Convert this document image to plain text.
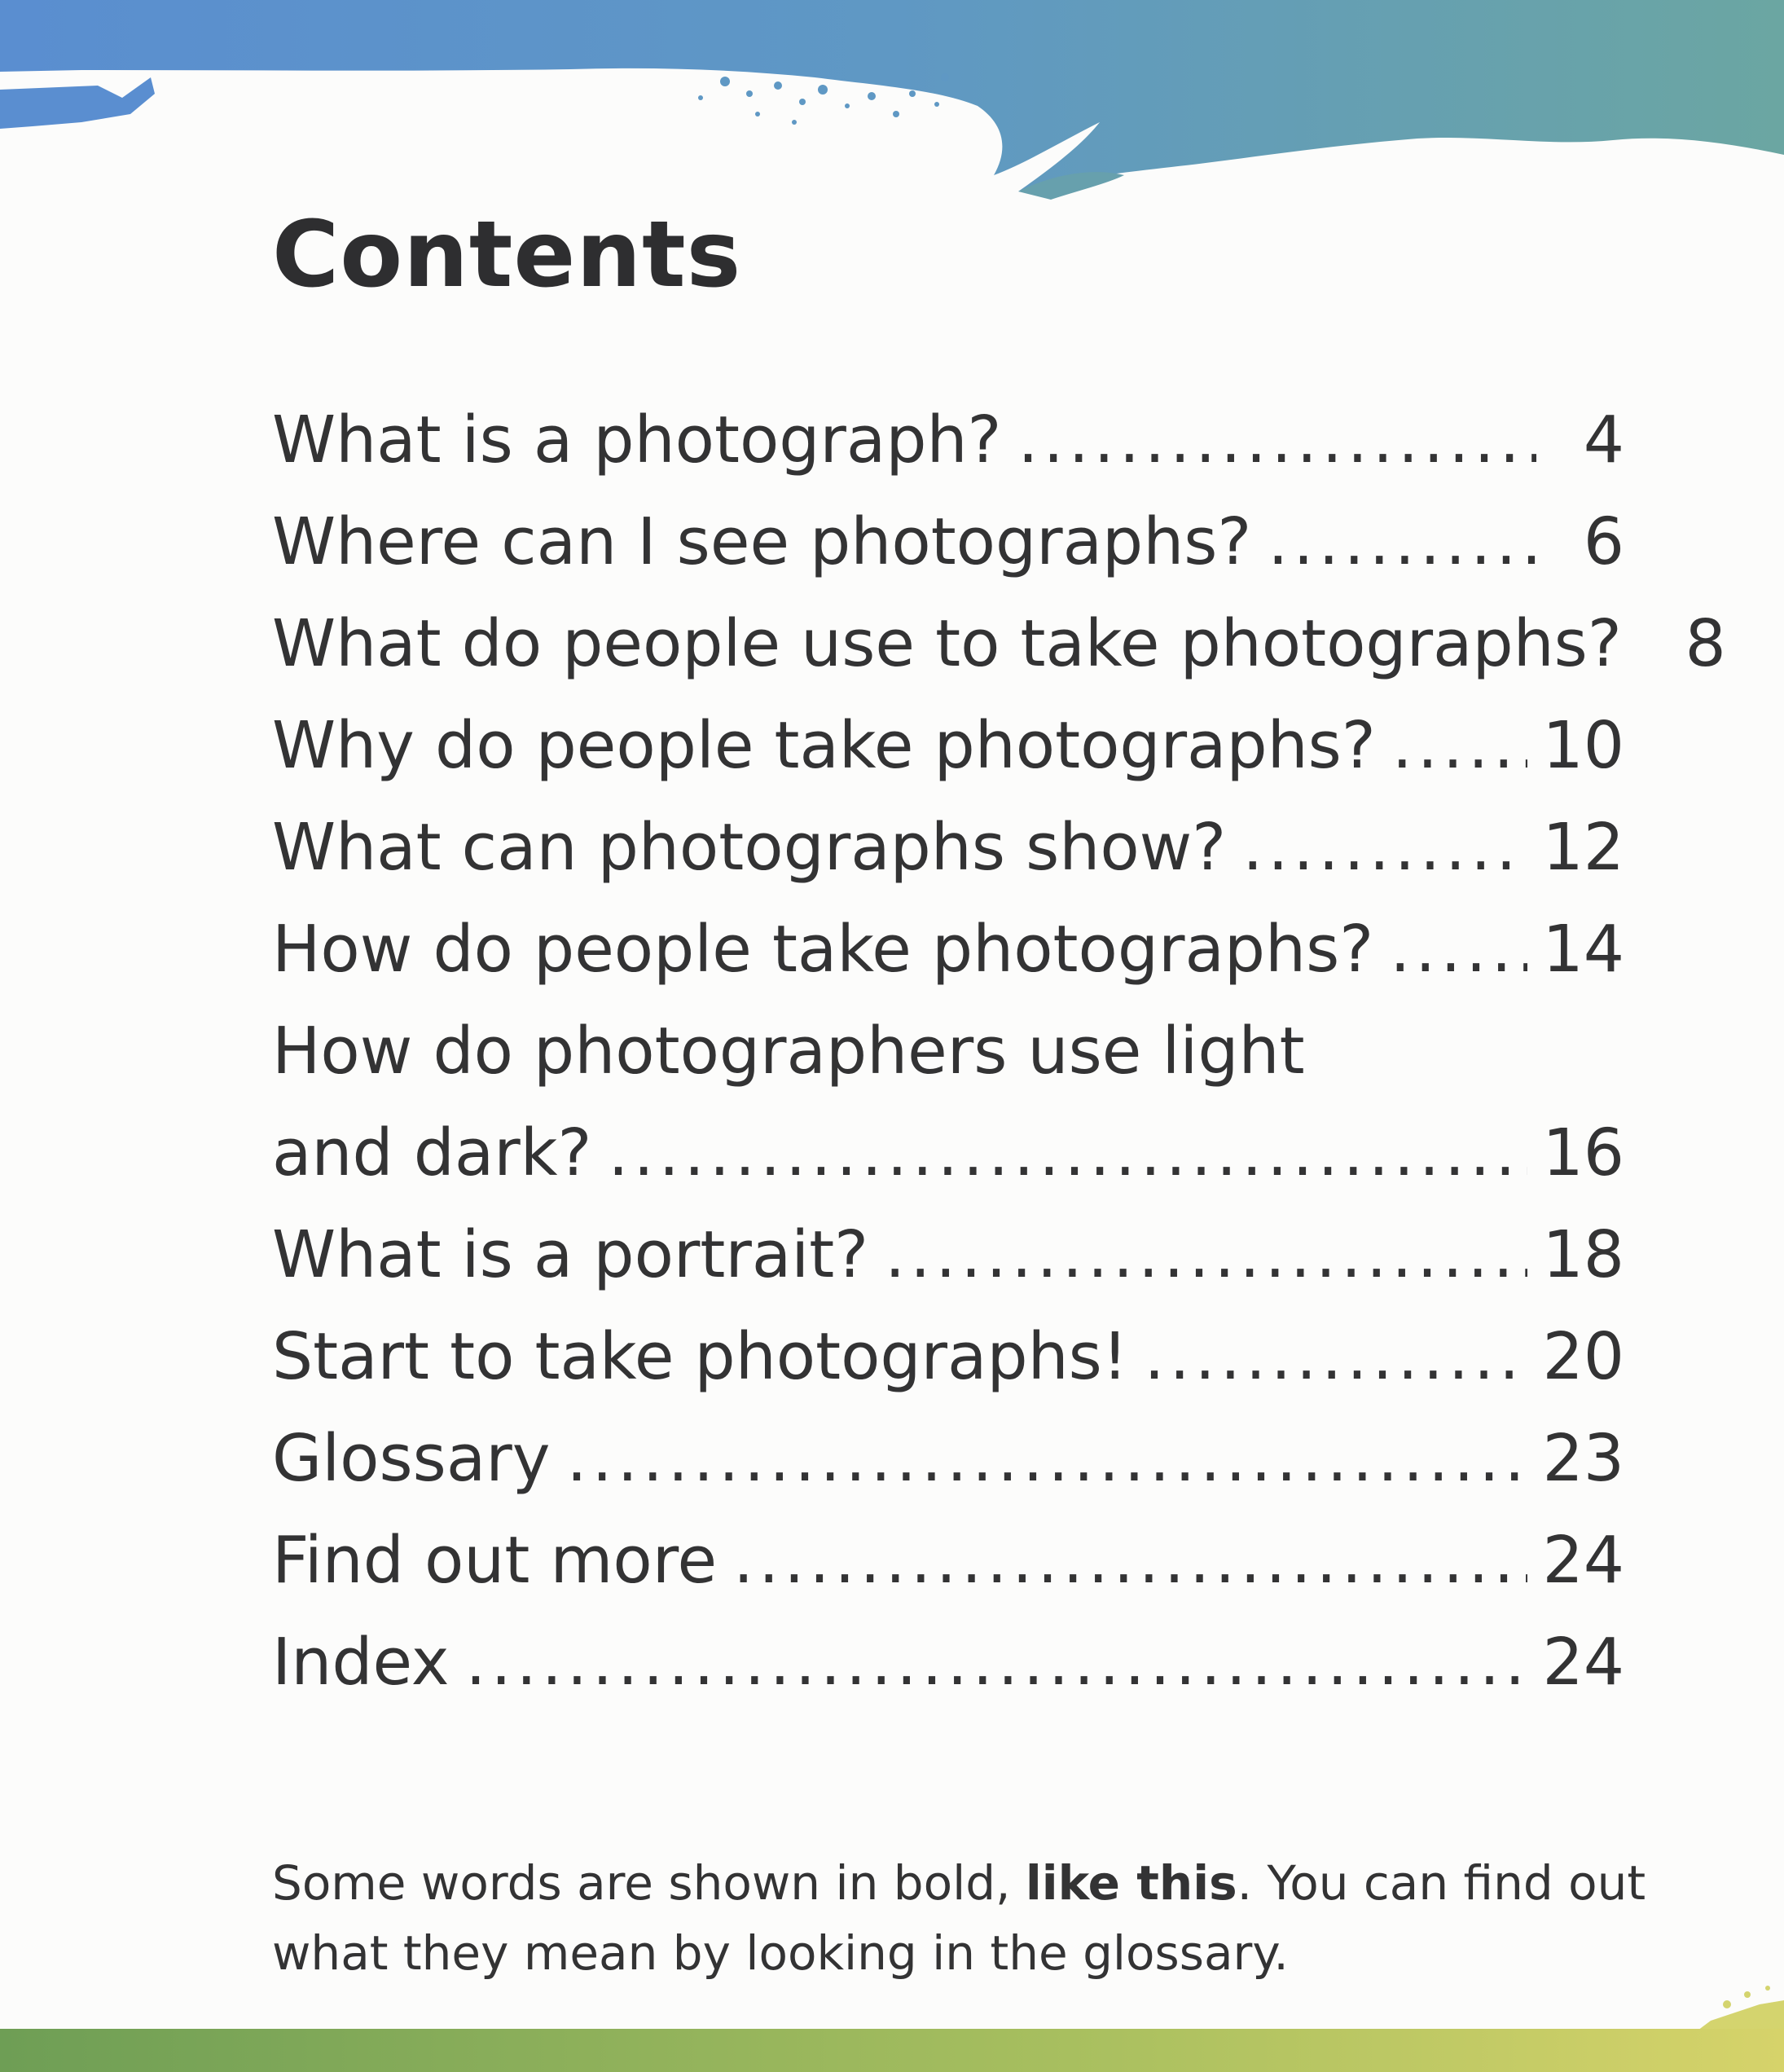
Contents
What is a photograph? .....	4
Where can I see photographs? .....	6
What do people use to take photographs? 8
Why do people take photographs? .....	10
What can photographs show? .....	12
How do people take photographs? .....	14
How do photographers use light
and dark? .....	16
What is a portrait? .....	18
Start to take photographs! .....	20
Glossary .....	23
Find out more .....	24
Index .....	24

Some words are shown in bold, like this. You can find out what they mean by looking in the glossary.
